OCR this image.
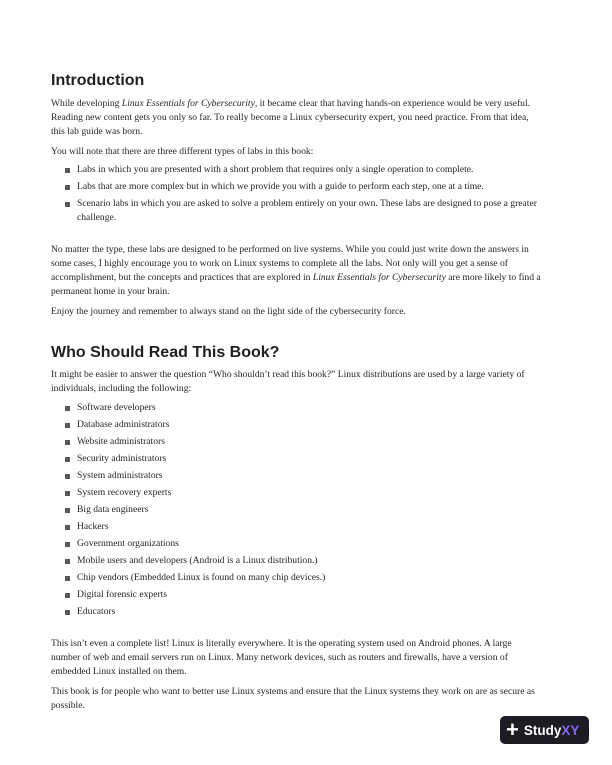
Introduction

While developing Linux Essentials for Cybersecurity, it became clear that having hands-on experience would be very useful. Reading new content gets you only so far. To really become a Linux cybersecurity expert, you need practice. From that idea, this lab guide was born.

You will note that there are three different types of labs in this book:

Labs in which you are presented with a short problem that requires only a single operation to complete.
Labs that are more complex but in which we provide you with a guide to perform each step, one at a time.
Scenario labs in which you are asked to solve a problem entirely on your own. These labs are designed to pose a greater challenge.

No matter the type, these labs are designed to be performed on live systems. While you could just write down the answers in some cases, I highly encourage you to work on Linux systems to complete all the labs. Not only will you get a sense of accomplishment, but the concepts and practices that are explored in Linux Essentials for Cybersecurity are more likely to find a permanent home in your brain.

Enjoy the journey and remember to always stand on the light side of the cybersecurity force.

Who Should Read This Book?

It might be easier to answer the question “Who shouldn’t read this book?” Linux distributions are used by a large variety of individuals, including the following:

Software developers
Database administrators
Website administrators
Security administrators
System administrators
System recovery experts
Big data engineers
Hackers
Government organizations
Mobile users and developers (Android is a Linux distribution.)
Chip vendors (Embedded Linux is found on many chip devices.)
Digital forensic experts
Educators

This isn’t even a complete list! Linux is literally everywhere. It is the operating system used on Android phones. A large number of web and email servers run on Linux. Many network devices, such as routers and firewalls, have a version of embedded Linux installed on them.

This book is for people who want to better use Linux systems and ensure that the Linux systems they work on are as secure as possible.

+ Study XY
